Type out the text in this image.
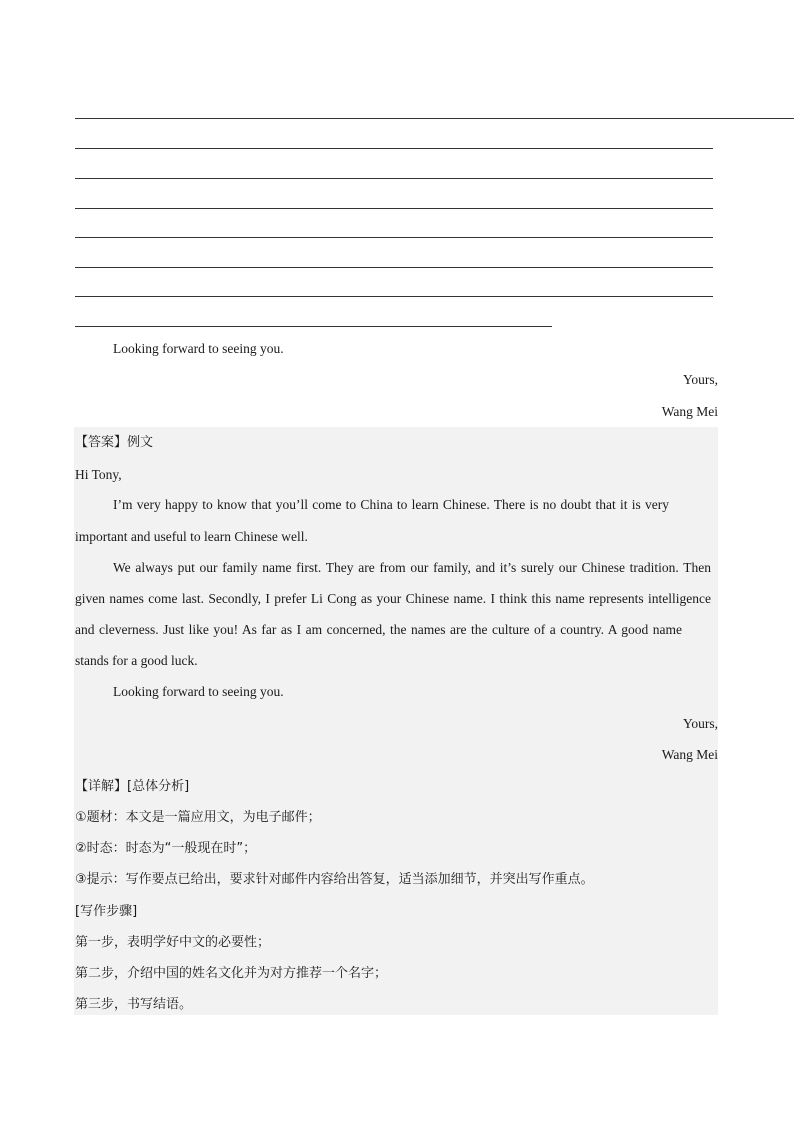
Looking forward to seeing you.
Yours,
Wang Mei
【答案】例文
Hi Tony,
I’m very happy to know that you’ll come to China to learn Chinese. There is no doubt that it is very
important and useful to learn Chinese well.
We always put our family name first. They are from our family, and it’s surely our Chinese tradition. Then
given names come last. Secondly, I prefer Li Cong as your Chinese name. I think this name represents intelligence
and cleverness. Just like you! As far as I am concerned, the names are the culture of a country. A good name
stands for a good luck.
Looking forward to seeing you.
Yours,
Wang Mei
【详解】[总体分析]
①题材：本文是一篇应用文，为电子邮件；
②时态：时态为“一般现在时”；
③提示：写作要点已给出，要求针对邮件内容给出答复，适当添加细节，并突出写作重点。
[写作步骤]
第一步，表明学好中文的必要性；
第二步，介绍中国的姓名文化并为对方推荐一个名字；
第三步，书写结语。
